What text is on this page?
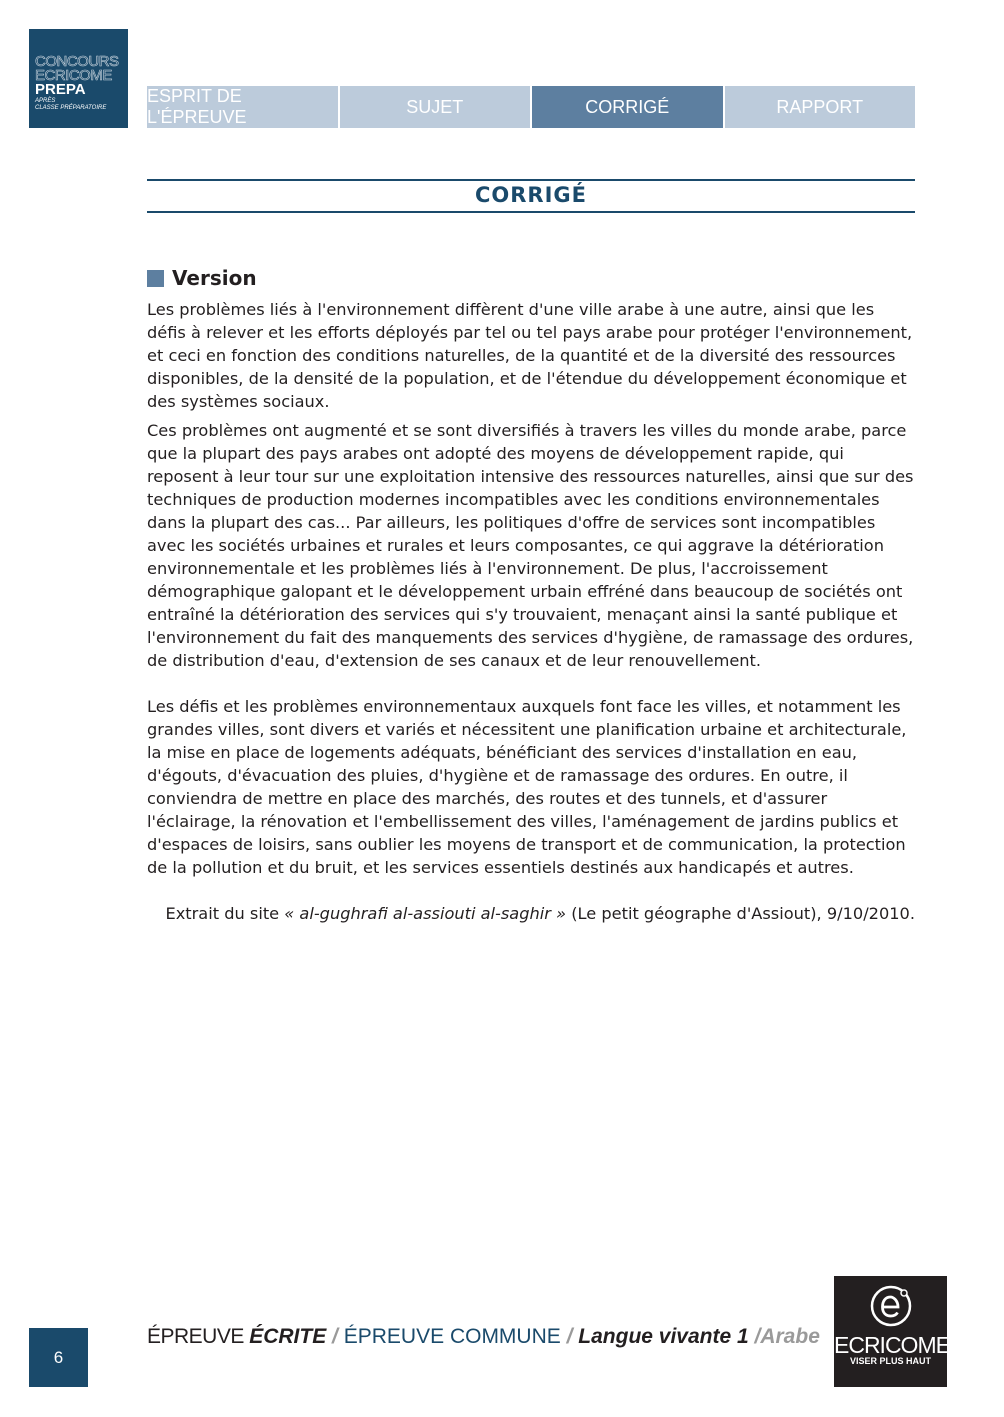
CONCOURS
ECRICOME
PREPA
APRÈS
CLASSE PRÉPARATOIRE
ESPRIT DE L'ÉPREUVE
SUJET	CORRIGÉ	RAPPORT
CORRIGÉ
Version

Les problèmes liés à l'environnement diffèrent d'une ville arabe à une autre, ainsi que les défis à relever et les efforts déployés par tel ou tel pays arabe pour protéger l'environnement, et ceci en fonction des conditions naturelles, de la quantité et de la diversité des ressources disponibles, de la densité de la population, et de l'étendue du développement économique et des systèmes sociaux.

Ces problèmes ont augmenté et se sont diversifiés à travers les villes du monde arabe, parce que la plupart des pays arabes ont adopté des moyens de développement rapide, qui reposent à leur tour sur une exploitation intensive des ressources naturelles, ainsi que sur des techniques de production modernes incompatibles avec les conditions environnementales dans la plupart des cas... Par ailleurs, les politiques d'offre de services sont incompatibles avec les sociétés urbaines et rurales et leurs composantes, ce qui aggrave la détérioration environnementale et les problèmes liés à l'environnement. De plus, l'accroissement démographique galopant et le développement urbain effréné dans beaucoup de sociétés ont entraîné la détérioration des services qui s'y trouvaient, menaçant ainsi la santé publique et l'environnement du fait des manquements des services d'hygiène, de ramassage des ordures, de distribution d'eau, d'extension de ses canaux et de leur renouvellement.

Les défis et les problèmes environnementaux auxquels font face les villes, et notamment les grandes villes, sont divers et variés et nécessitent une planification urbaine et architecturale, la mise en place de logements adéquats, bénéficiant des services d'installation en eau, d'égouts, d'évacuation des pluies, d'hygiène et de ramassage des ordures. En outre, il conviendra de mettre en place des marchés, des routes et des tunnels, et d'assurer l'éclairage, la rénovation et l'embellissement des villes, l'aménagement de jardins publics et d'espaces de loisirs, sans oublier les moyens de transport et de communication, la protection de la pollution et du bruit, et les services essentiels destinés aux handicapés et autres.

Extrait du site « al-gughrafi al-assiouti al-saghir » (Le petit géographe d'Assiout), 9/10/2010.

6
ÉPREUVE ÉCRITE / ÉPREUVE COMMUNE / Langue vivante 1 /Arabe ECRICOME
VISER PLUS HAUT
